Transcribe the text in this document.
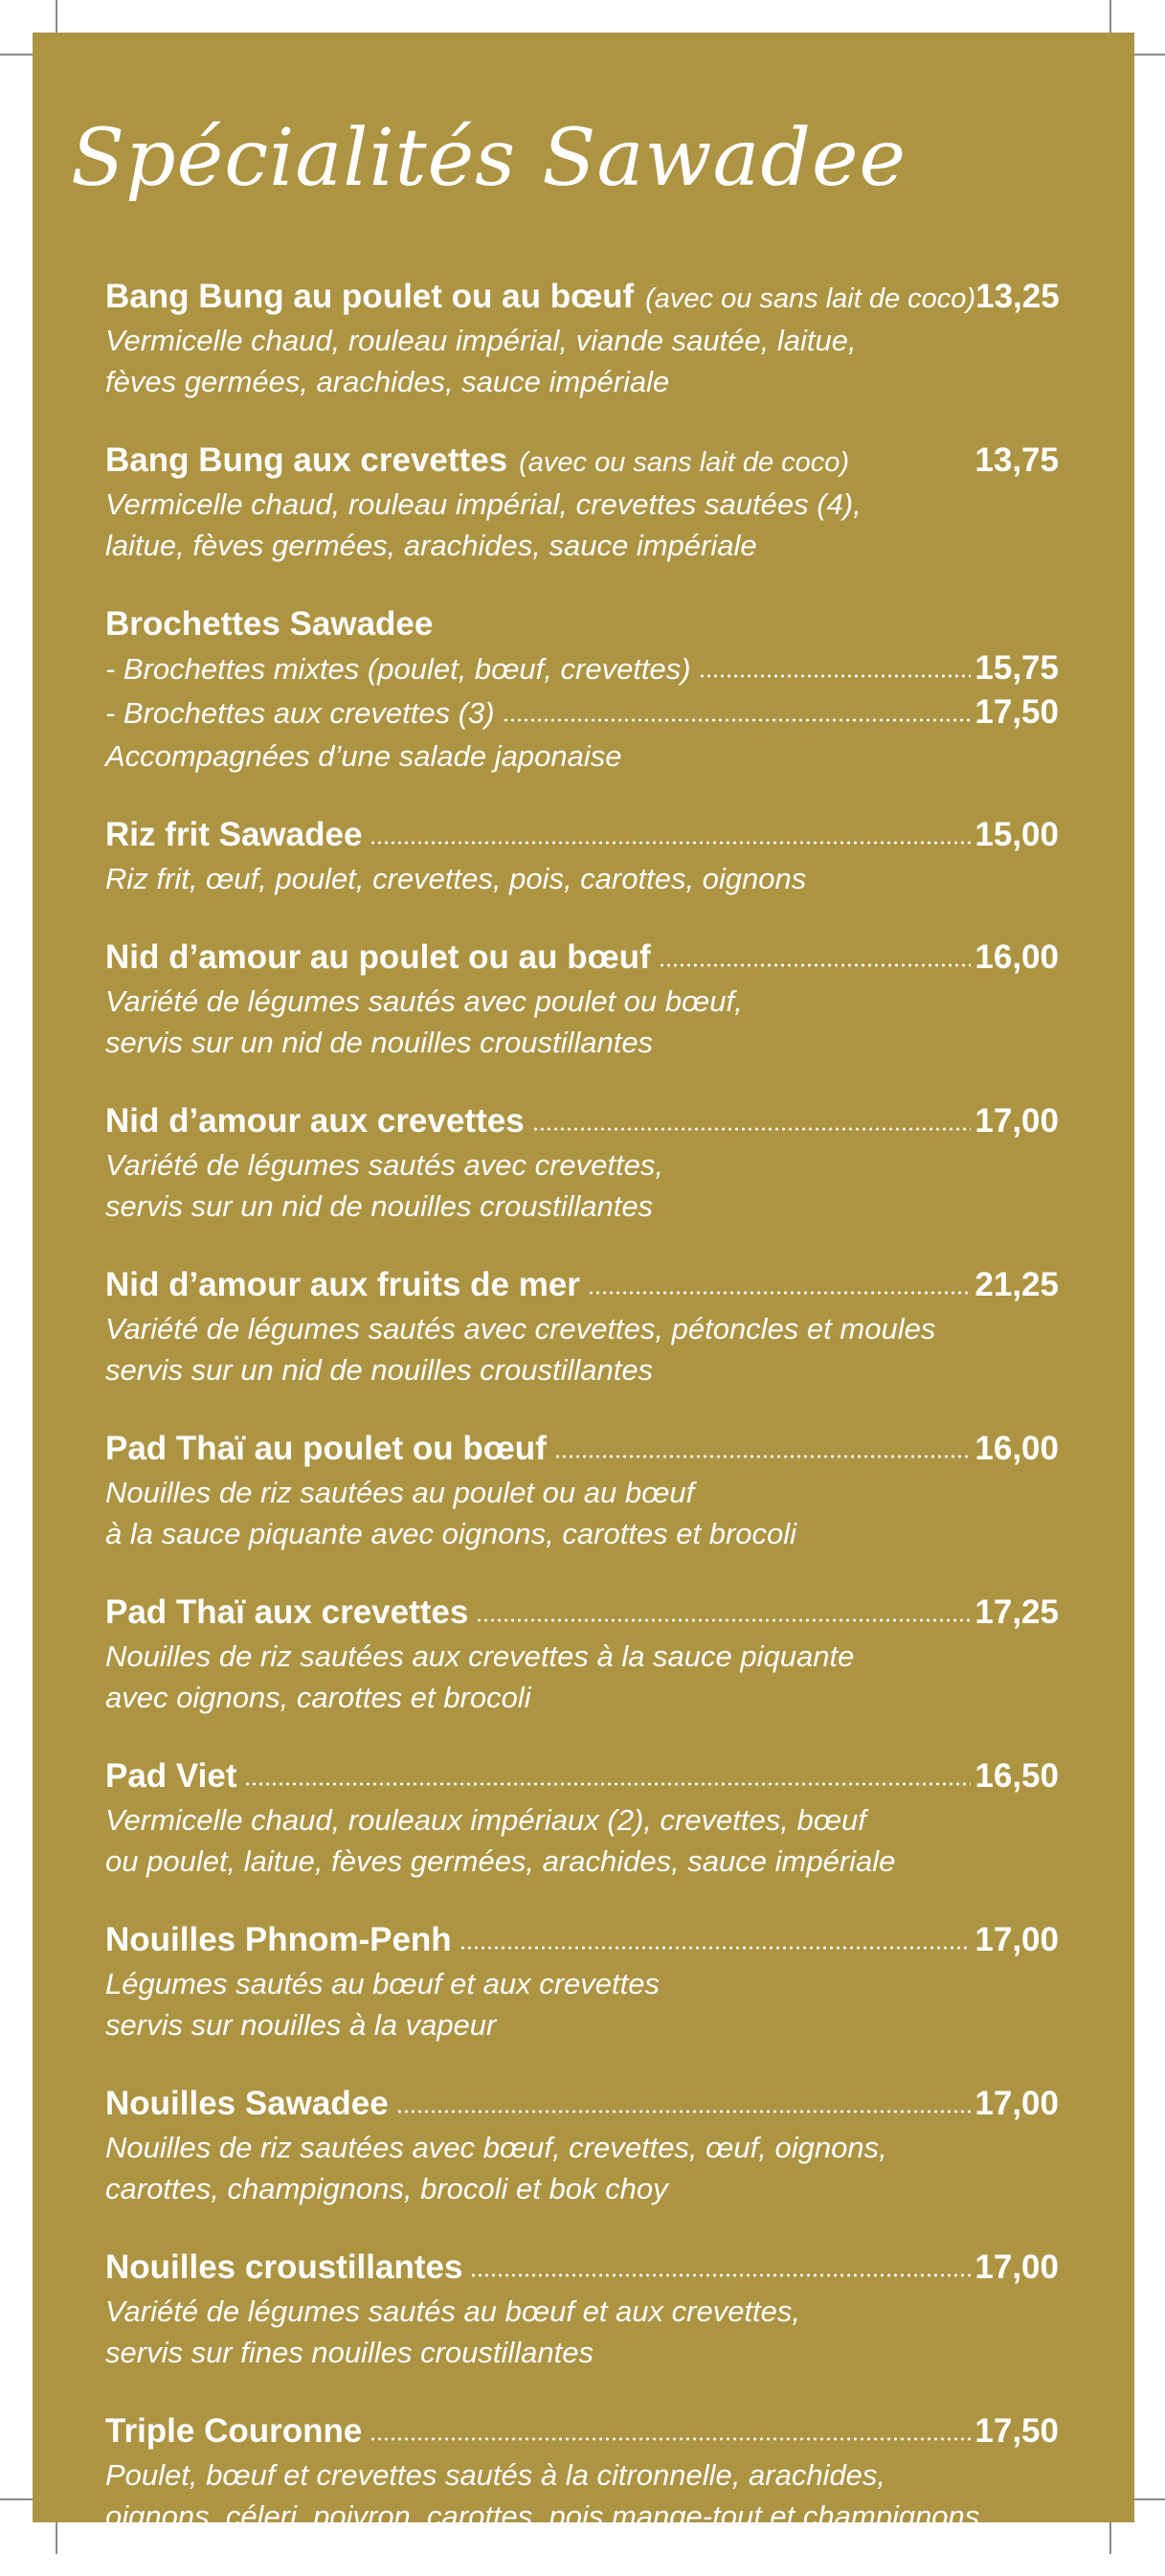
Spécialités Sawadee
Bang Bung au poulet ou au bœuf (avec ou sans lait de coco) 13,25
Vermicelle chaud, rouleau impérial, viande sautée, laitue,
fèves germées, arachides, sauce impériale
Bang Bung aux crevettes (avec ou sans lait de coco)	13,75
Vermicelle chaud, rouleau impérial, crevettes sautées (4),
laitue, fèves germées, arachides, sauce impériale
Brochettes Sawadee
- Brochettes mixtes (poulet, bœuf, crevettes)	15,75
- Brochettes aux crevettes (3)	17,50
Accompagnées d’une salade japonaise
Riz frit Sawadee	15,00
Riz frit, œuf, poulet, crevettes, pois, carottes, oignons
Nid d’amour au poulet ou au bœuf	16,00
Variété de légumes sautés avec poulet ou bœuf,
servis sur un nid de nouilles croustillantes
Nid d’amour aux crevettes	17,00
Variété de légumes sautés avec crevettes,
servis sur un nid de nouilles croustillantes
Nid d’amour aux fruits de mer	21,25
Variété de légumes sautés avec crevettes, pétoncles et moules
servis sur un nid de nouilles croustillantes
Pad Thaï au poulet ou bœuf	16,00
Nouilles de riz sautées au poulet ou au bœuf
à la sauce piquante avec oignons, carottes et brocoli
Pad Thaï aux crevettes	17,25
Nouilles de riz sautées aux crevettes à la sauce piquante
avec oignons, carottes et brocoli
Pad Viet	16,50
Vermicelle chaud, rouleaux impériaux (2), crevettes, bœuf
ou poulet, laitue, fèves germées, arachides, sauce impériale
Nouilles Phnom-Penh	17,00
Légumes sautés au bœuf et aux crevettes
servis sur nouilles à la vapeur
Nouilles Sawadee	17,00
Nouilles de riz sautées avec bœuf, crevettes, œuf, oignons,
carottes, champignons, brocoli et bok choy
Nouilles croustillantes	17,00
Variété de légumes sautés au bœuf et aux crevettes,
servis sur fines nouilles croustillantes
Triple Couronne	17,50
Poulet, bœuf et crevettes sautés à la citronnelle, arachides,
oignons, céleri, poivron, carottes, pois mange-tout et champignons
